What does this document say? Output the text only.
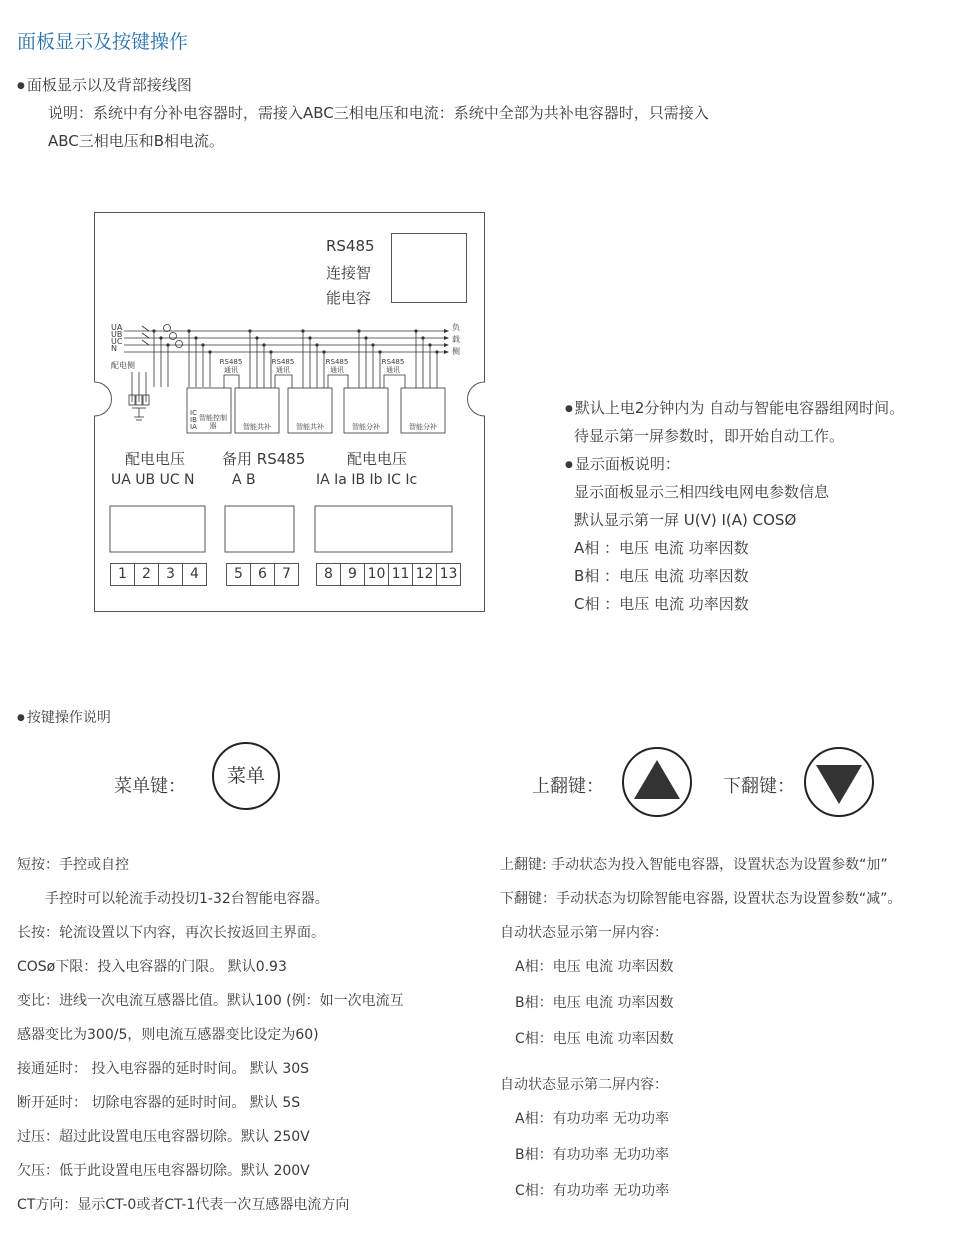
面板显示及按键操作
● 面板显示以及背部接线图
说明：系统中有分补电容器时，需接入ABC三相电压和电流：系统中全部为共补电容器时，只需接入
ABC三相电压和B相电流。
RS485
连接智
能电容
UA
UB
UC
N
配电侧
负
载
侧
IC
IB
IA
智能控制器
RS485通讯
RS485通讯
RS485通讯
RS485通讯
智能共补	智能共补	智能分补	智能分补
配电电压
UA UB UC N
备用 RS485
A B
配电电压
IA Ia IB Ib IC Ic
1	2	3	4	5	6	7	8	9 10 11 12 13
● 默认上电2分钟内为 自动与智能电容器组网时间。
待显示第一屏参数时，即开始自动工作。
● 显示面板说明：
显示面板显示三相四线电网电参数信息
默认显示第一屏 U(V) I(A) COSØ
A相 ：电压 电流 功率因数
B相 ：电压 电流 功率因数
C相 ：电压 电流 功率因数
● 按键操作说明
菜单键：	菜单	上翻键：	下翻键：
短按：手控或自控
手控时可以轮流手动投切1-32台智能电容器。
长按：轮流设置以下内容，再次长按返回主界面。
COSø下限：投入电容器的门限。 默认0.93
变比：进线一次电流互感器比值。默认100 (例：如一次电流互
感器变比为300/5，则电流互感器变比设定为60)
接通延时： 投入电容器的延时时间。 默认 30S
断开延时： 切除电容器的延时时间。 默认 5S
过压：超过此设置电压电容器切除。默认 250V
欠压：低于此设置电压电容器切除。默认 200V
CT方向：显示CT-0或者CT-1代表一次互感器电流方向
上翻键: 手动状态为投入智能电容器，设置状态为设置参数“加”
下翻键：手动状态为切除智能电容器, 设置状态为设置参数“减”。
自动状态显示第一屏内容：
A相：电压 电流 功率因数
B相：电压 电流 功率因数
C相：电压 电流 功率因数
自动状态显示第二屏内容：
A相：有功功率 无功功率
B相：有功功率 无功功率
C相：有功功率 无功功率
